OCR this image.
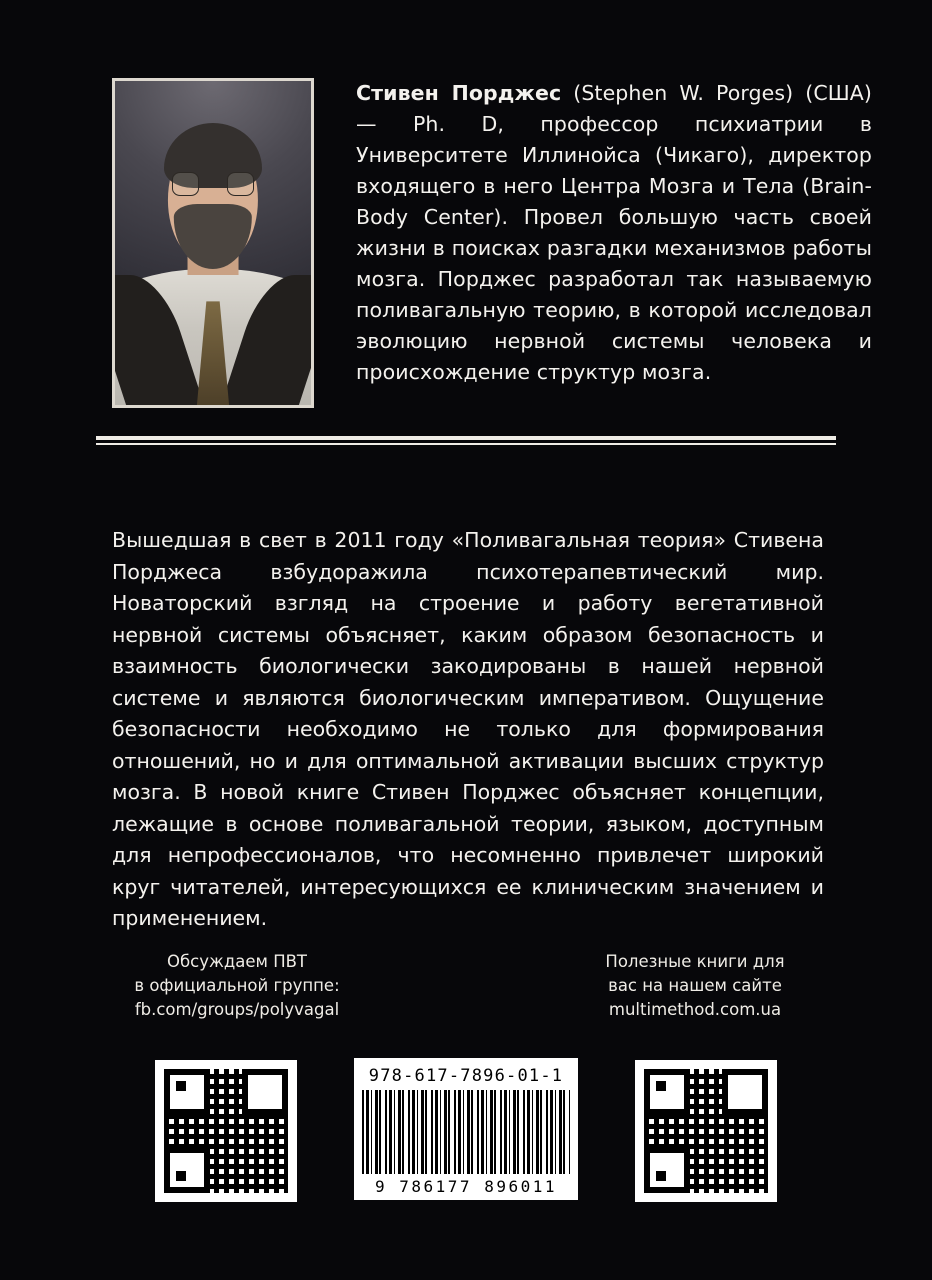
Стивен Порджес (Stephen W. Porges) (США) — Ph. D, профессор психиатрии в Университете Иллинойса (Чикаго), директор входящего в него Центра Мозга и Тела (Brain-Body Center). Провел большую часть своей жизни в поисках разгадки механизмов работы мозга. Порджес разработал так называемую поливагальную теорию, в которой исследовал эволюцию нервной системы человека и происхождение структур мозга.
Вышедшая в свет в 2011 году «Поливагальная теория» Стивена Порджеса взбудоражила психотерапевтический мир. Новаторский взгляд на строение и работу вегетативной нервной системы объясняет, каким образом безопасность и взаимность биологически закодированы в нашей нервной системе и являются биологическим императивом. Ощущение безопасности необходимо не только для формирования отношений, но и для оптимальной активации высших структур мозга. В новой книге Стивен Порджес объясняет концепции, лежащие в основе поливагальной теории, языком, доступным для непрофессионалов, что несомненно привлечет широкий круг читателей, интересующихся ее клиническим значением и применением.
Обсуждаем ПВТ
в официальной группе:
fb.com/groups/polyvagal
Полезные книги для
вас на нашем сайте
multimethod.com.ua
978-617-7896-01-1
9 786177 896011
